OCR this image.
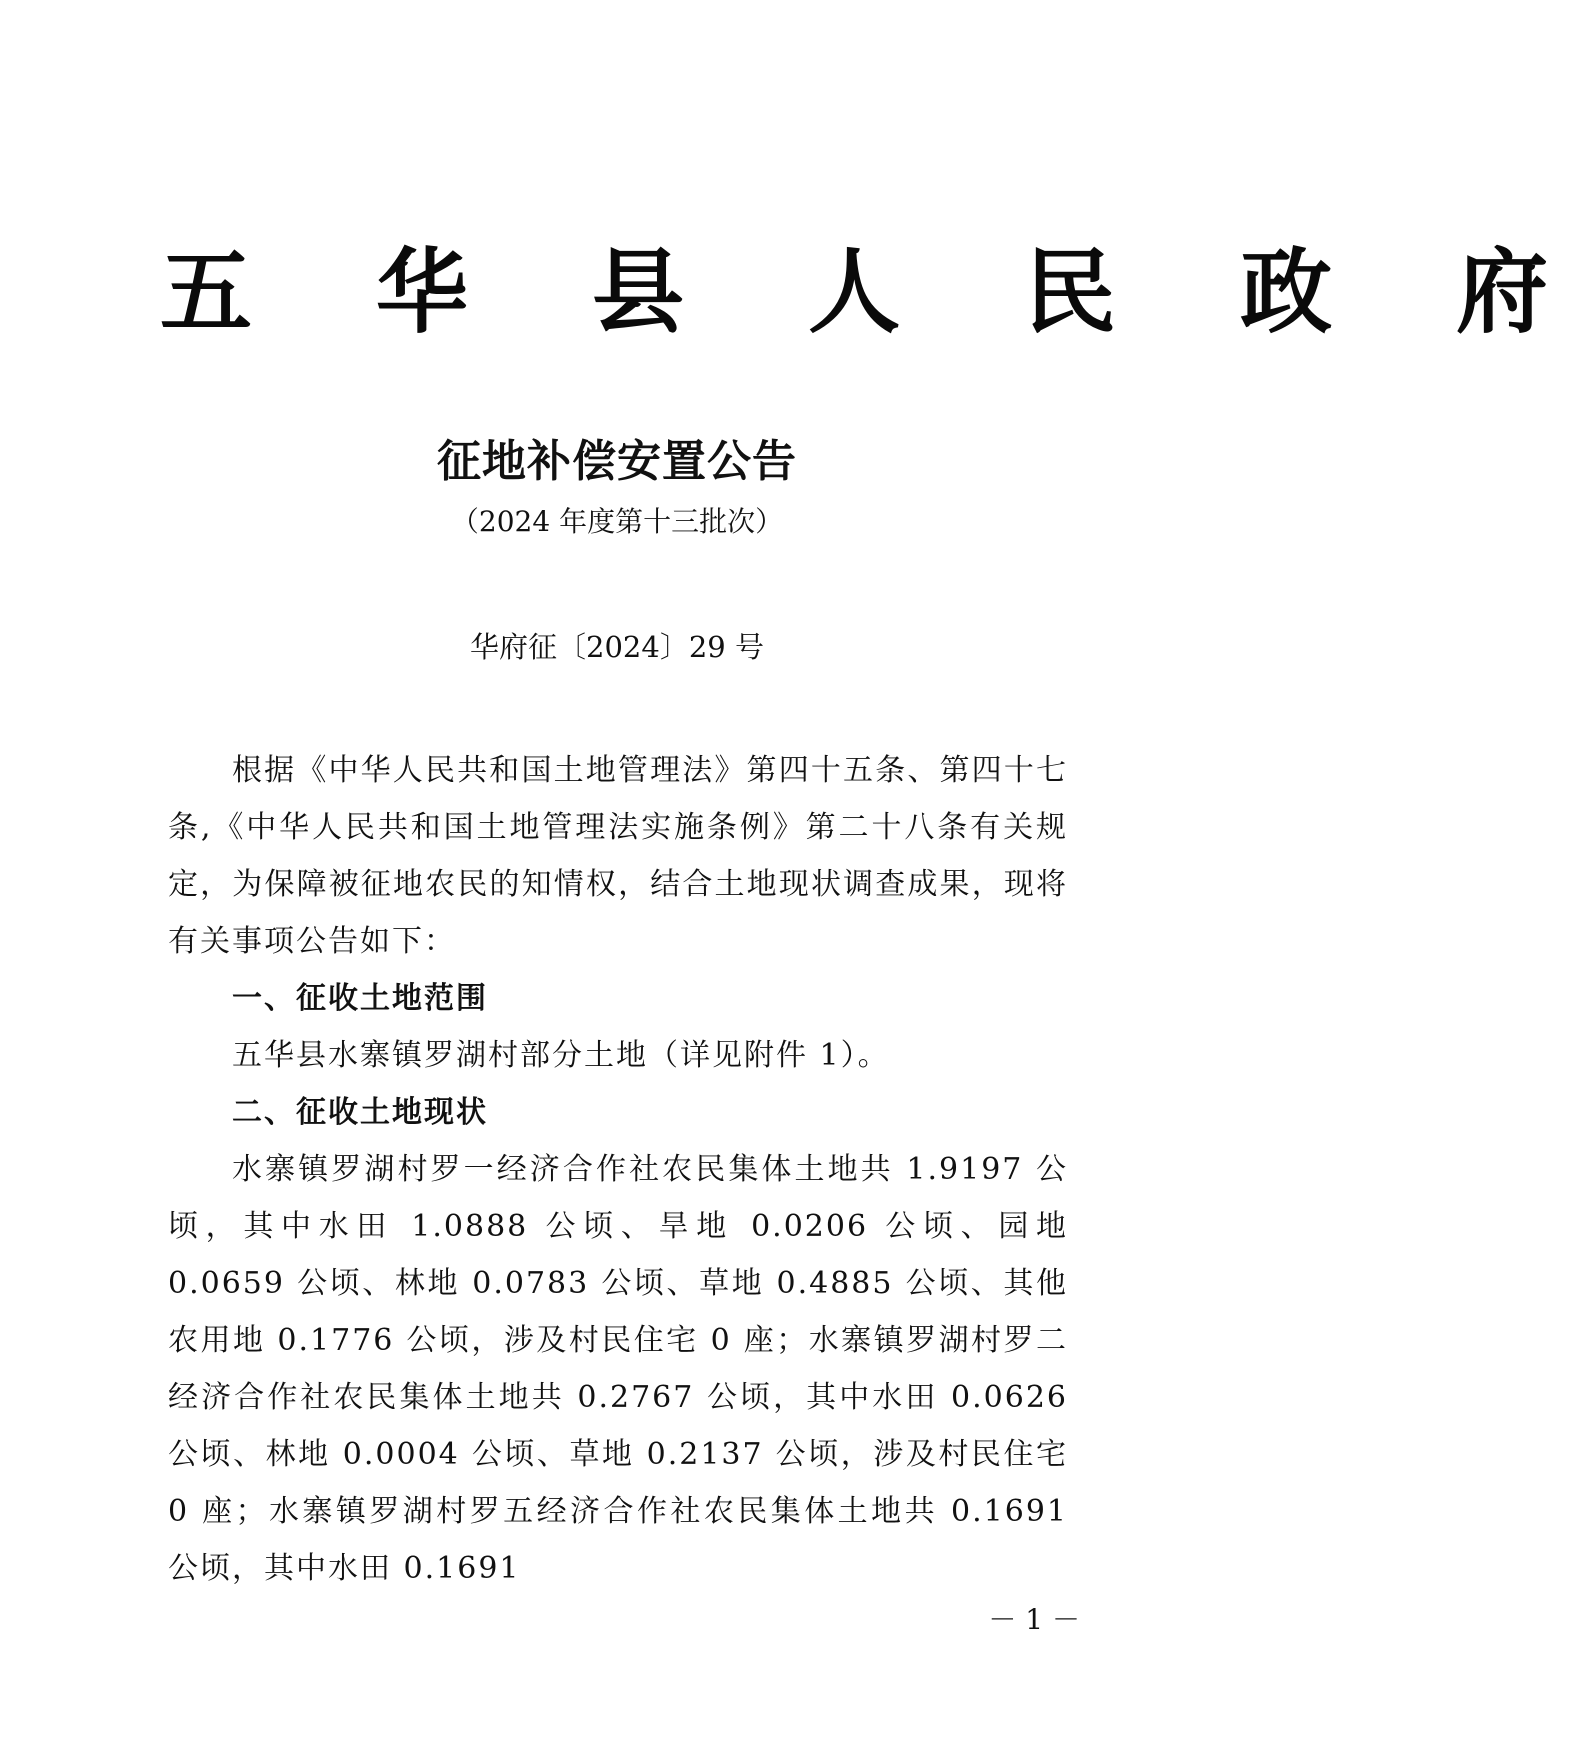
五 华 县 人 民 政 府
征地补偿安置公告
（2024 年度第十三批次）
华府征〔2024〕29 号

根据《中华人民共和国土地管理法》第四十五条、第四十七条,《中华人民共和国土地管理法实施条例》第二十八条有关规定，为保障被征地农民的知情权，结合土地现状调查成果，现将有关事项公告如下：

一、征收土地范围

五华县水寨镇罗湖村部分土地（详见附件 1）。

二、征收土地现状

水寨镇罗湖村罗一经济合作社农民集体土地共 1.9197 公顷，其中水田 1.0888 公顷、旱地 0.0206 公顷、园地 0.0659 公顷、林地 0.0783 公顷、草地 0.4885 公顷、其他农用地 0.1776 公顷，涉及村民住宅 0 座；水寨镇罗湖村罗二经济合作社农民集体土地共 0.2767 公顷，其中水田 0.0626 公顷、林地 0.0004 公顷、草地 0.2137 公顷，涉及村民住宅 0 座；水寨镇罗湖村罗五经济合作社农民集体土地共 0.1691 公顷，其中水田 0.1691

－ 1 －
